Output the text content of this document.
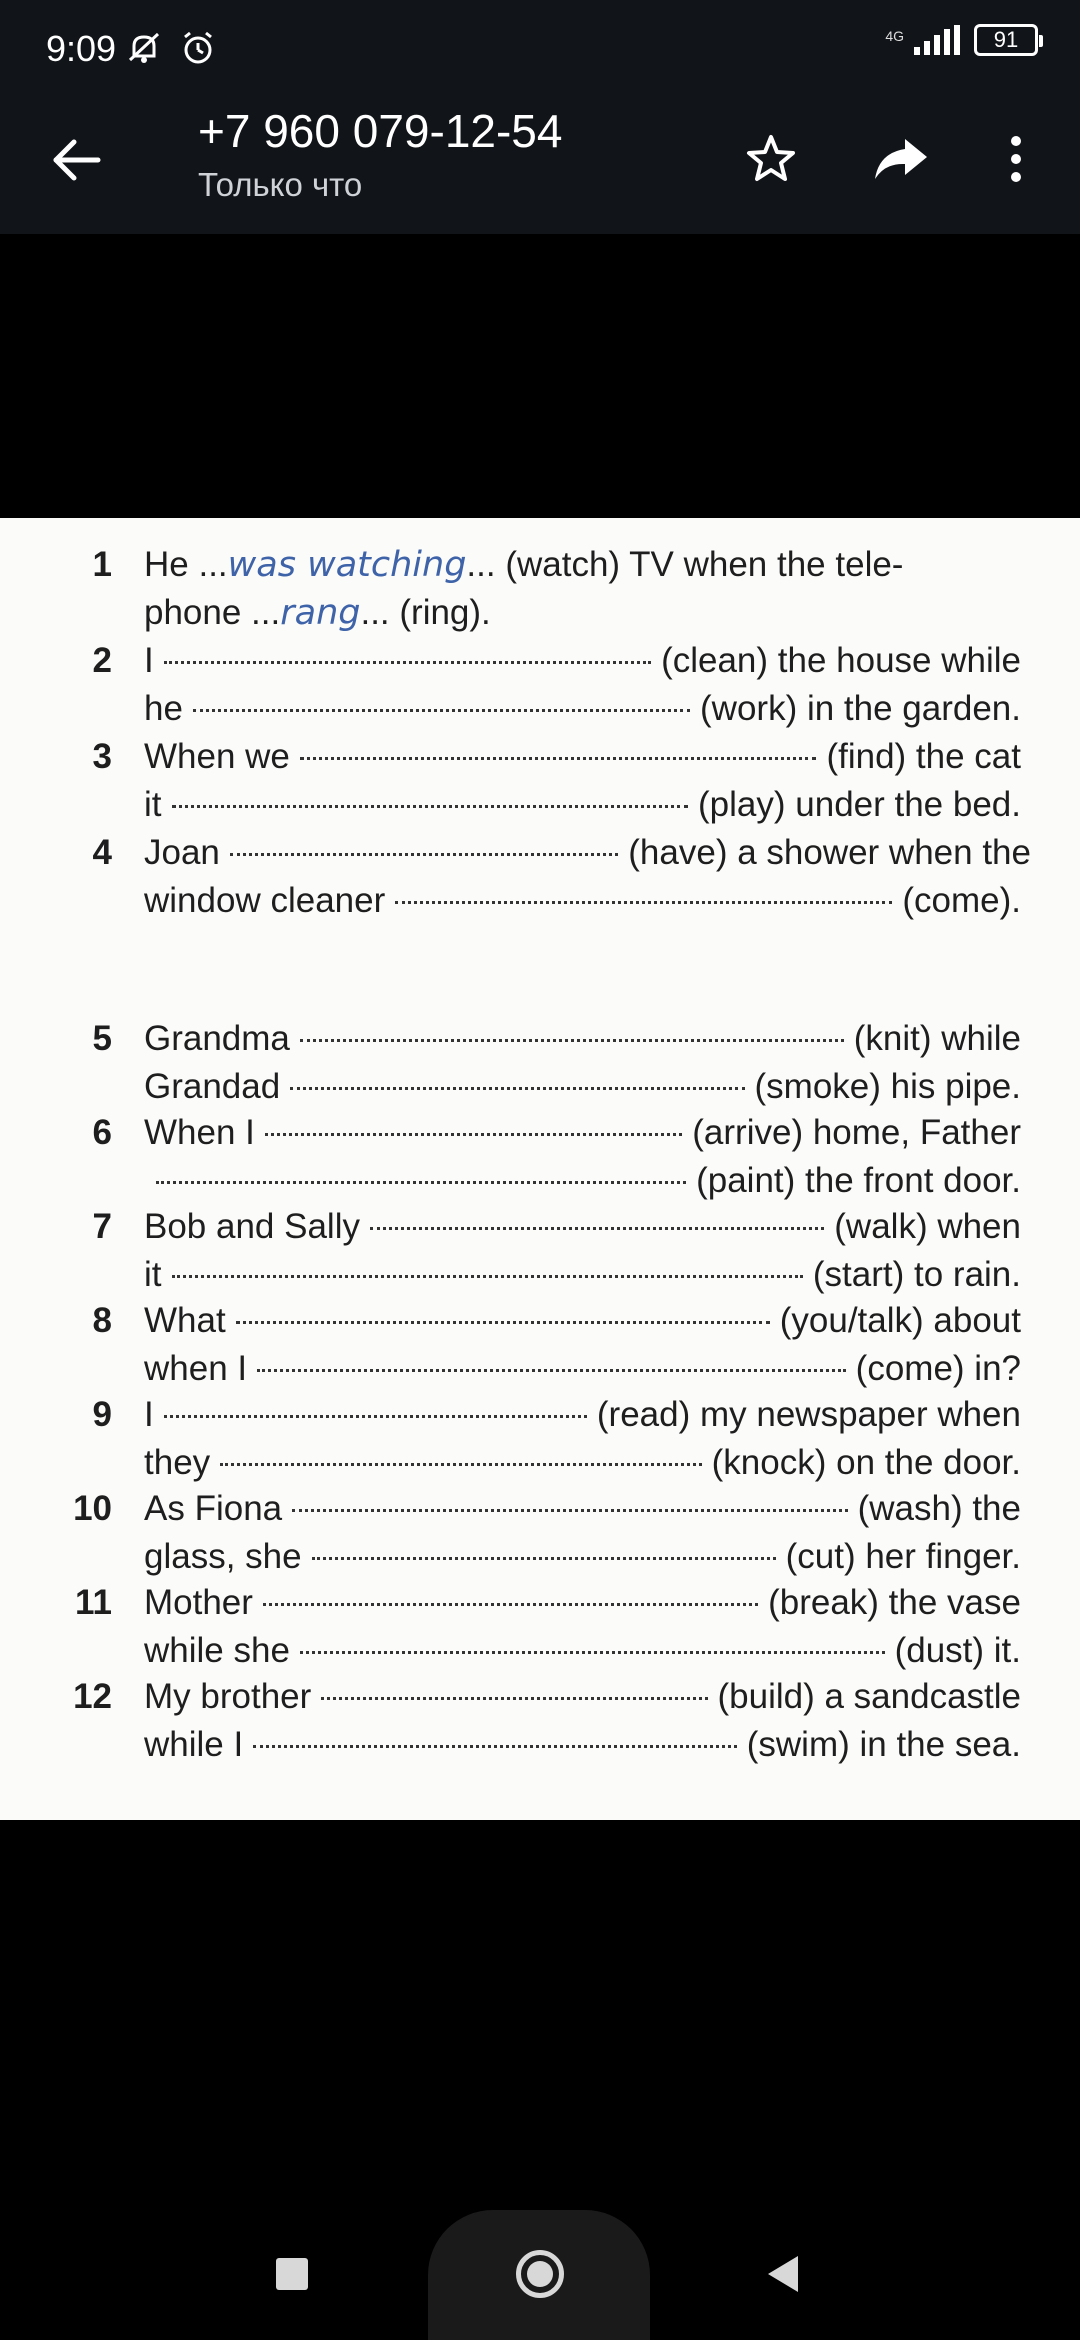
9:09	4G	91
+7 960 079-12-54
Только что
1 He ...was watching... (watch) TV when the tele-
phone ...rang... (ring).
2 I	(clean) the house while
he	(work) in the garden.
3 When we	(find) the cat
it	(play) under the bed.
4 Joan	(have) a shower when the
window cleaner	(come).
5 Grandma	(knit) while
Grandad	(smoke) his pipe.
6 When I	(arrive) home, Father
(paint) the front door.
7 Bob and Sally	(walk) when
it	(start) to rain.
8 What	(you/talk) about
when I	(come) in?
9 I	(read) my newspaper when
they	(knock) on the door.
10 As Fiona	(wash) the
glass, she	(cut) her finger.
11 Mother	(break) the vase
while she	(dust) it.
12 My brother	(build) a sandcastle
while I	(swim) in the sea.
